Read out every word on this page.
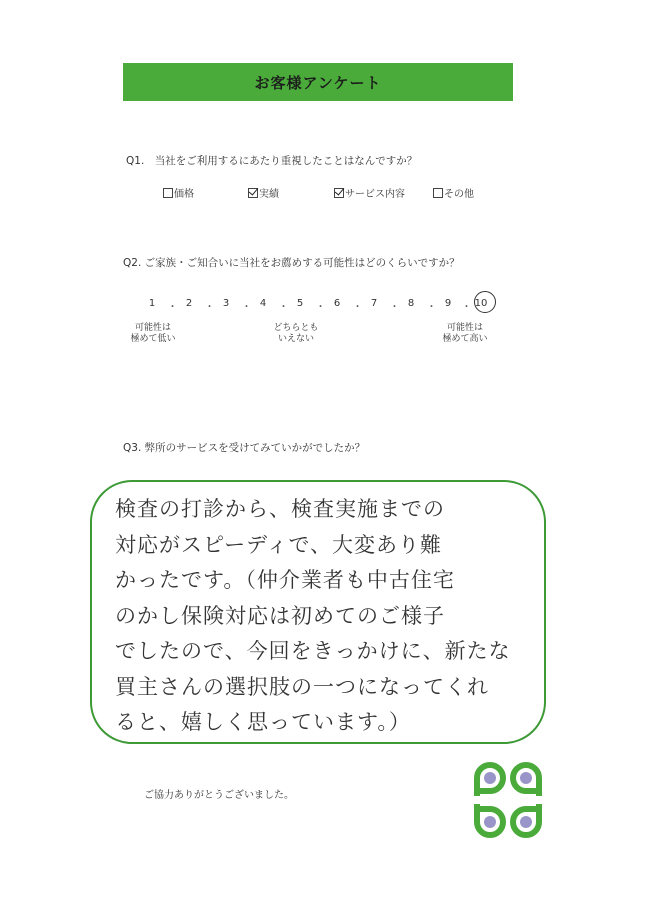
お客様アンケート
Q1.　当社をご利用するにあたり重視したことはなんですか？
価格	実績	サービス内容	その他
Q2. ご家族・ご知合いに当社をお薦めする可能性はどのくらいですか？
1	・ 2	・ 3	・ 4	・ 5	・ 6	・ 7	・ 8	・ 9	・ 10
可能性は
極めて低い
どちらとも
いえない
可能性は
極めて高い
Q3. 弊所のサービスを受けてみていかがでしたか？
検査の打診から、検査実施までの
対応がスピーディで、大変あり難
かったです。（仲介業者も中古住宅
のかし保険対応は初めてのご様子
でしたので、今回をきっかけに、新たな
買主さんの選択肢の一つになってくれ
ると、嬉しく思っています。）
ご協力ありがとうございました。
